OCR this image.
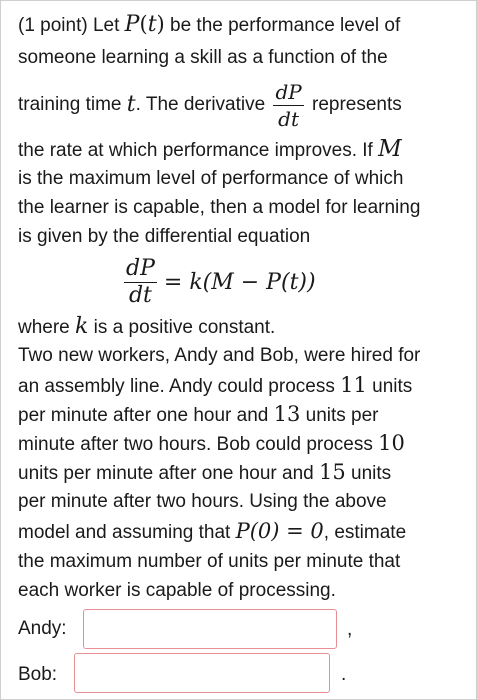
(1 point) Let P(t) be the performance level of
someone learning a skill as a function of the
training time t . The derivative $\frac{dP}{dt}$ represents
the rate at which performance improves. If M
is the maximum level of performance of which
the learner is capable, then a model for learning
is given by the differential equation
$\frac{dP}{dt} = k(M - P(t))$
where k is a positive constant.
Two new workers, Andy and Bob, were hired for
an assembly line. Andy could process 11 units
per minute after one hour and 13 units per
minute after two hours. Bob could process 10
units per minute after one hour and 15 units
per minute after two hours. Using the above
model and assuming that P(0) = 0, estimate
the maximum number of units per minute that
each worker is capable of processing.
Andy:	,
Bob:	.
